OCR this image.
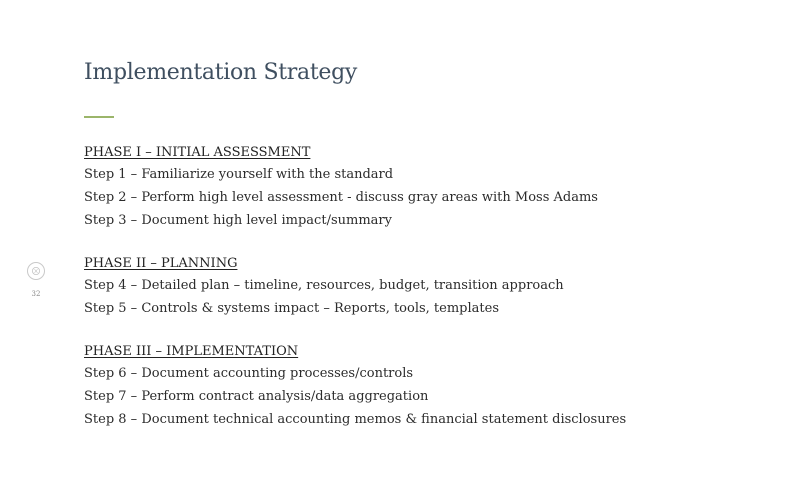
Implementation Strategy
32
PHASE I – INITIAL ASSESSMENT
Step 1 – Familiarize yourself with the standard
Step 2 – Perform high level assessment - discuss gray areas with Moss Adams
Step 3 – Document high level impact/summary
PHASE II – PLANNING
Step 4 – Detailed plan – timeline, resources, budget, transition approach
Step 5 – Controls & systems impact – Reports, tools, templates
PHASE III – IMPLEMENTATION
Step 6 – Document accounting processes/controls
Step 7 – Perform contract analysis/data aggregation
Step 8 – Document technical accounting memos & financial statement disclosures
